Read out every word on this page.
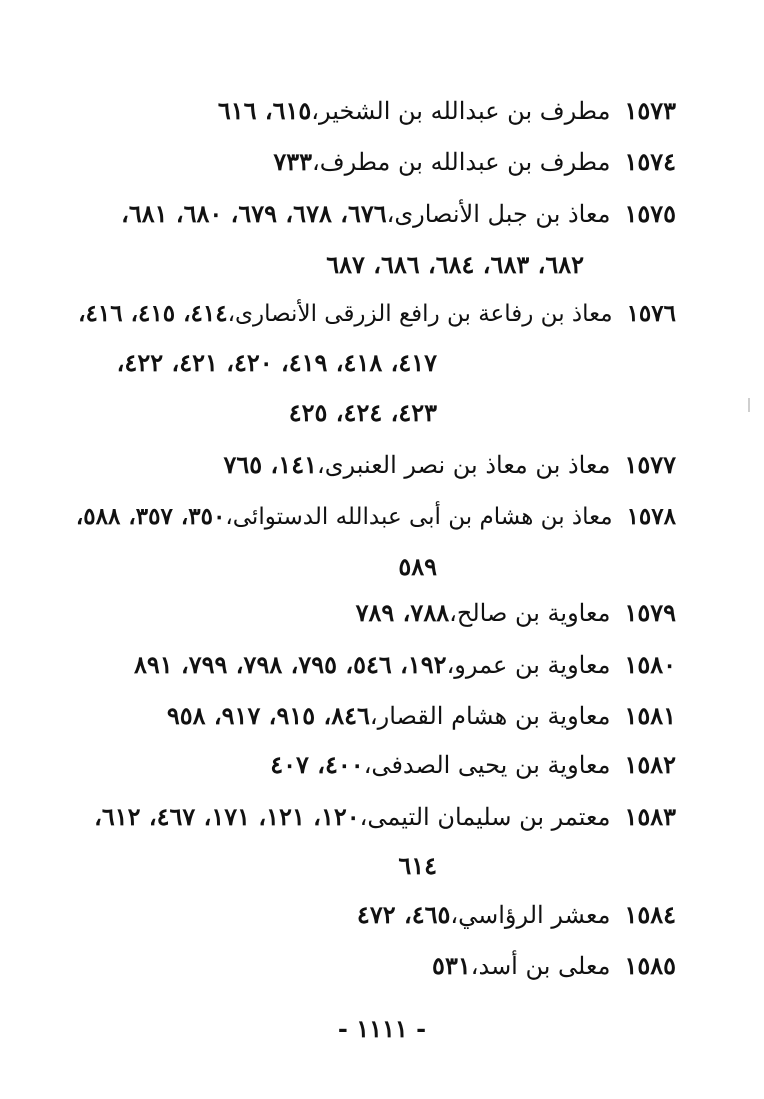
١٥٧٣مطرف بن عبدالله بن الشخير،٦١٥، ٦١٦
١٥٧٤مطرف بن عبدالله بن مطرف،٧٣٣
١٥٧٥معاذ بن جبل الأنصارى،٦٧٦، ٦٧٨، ٦٧٩، ٦٨٠، ٦٨١،
٦٨٢، ٦٨٣، ٦٨٤، ٦٨٦، ٦٨٧
١٥٧٦معاذ بن رفاعة بن رافع الزرقى الأنصارى،٤١٤، ٤١٥، ٤١٦،
٤١٧، ٤١٨، ٤١٩، ٤٢٠، ٤٢١، ٤٢٢،
٤٢٣، ٤٢٤، ٤٢٥
١٥٧٧معاذ بن معاذ بن نصر العنبرى،١٤١، ٧٦٥
١٥٧٨معاذ بن هشام بن أبى عبدالله الدستوائى،٣٥٠، ٣٥٧، ٥٨٨،
٥٨٩
١٥٧٩معاوية بن صالح،٧٨٨، ٧٨٩
١٥٨٠معاوية بن عمرو،١٩٢، ٥٤٦، ٧٩٥، ٧٩٨، ٧٩٩، ٨٩١
١٥٨١معاوية بن هشام القصار،٨٤٦، ٩١٥، ٩١٧، ٩٥٨
١٥٨٢معاوية بن يحيى الصدفى،٤٠٠، ٤٠٧
١٥٨٣معتمر بن سليمان التيمى،١٢٠، ١٢١، ١٧١، ٤٦٧، ٦١٢،
٦١٤
١٥٨٤معشر الرؤاسي،٤٦٥، ٤٧٢
١٥٨٥معلى بن أسد،٥٣١
- ١١١١ -
